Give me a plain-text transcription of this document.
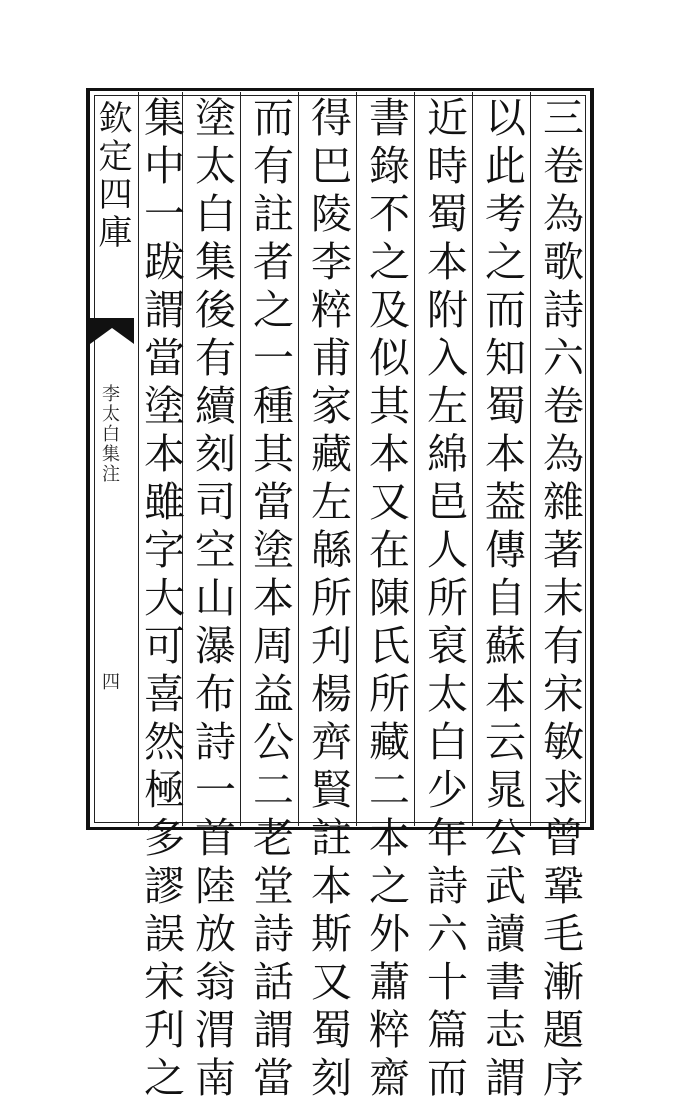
欽定四庫
李太白集注
四	三卷為歌詩六卷為雜著末有宋敏求曾鞏毛漸題序
以此考之而知蜀本葢傳自蘇本云晁公武讀書志謂
近時蜀本附入左綿邑人所裒太白少年詩六十篇而
書錄不之及似其本又在陳氏所藏二本之外蕭粹齋
得巴陵李粹甫家藏左緜所刋楊齊賢註本斯又蜀刻
而有註者之一種其當塗本周益公二老堂詩話謂當
塗太白集後有續刻司空山瀑布詩一首陸放翁渭南
集中一跋謂當塗本雖字大可喜然極多謬誤宋刋之
